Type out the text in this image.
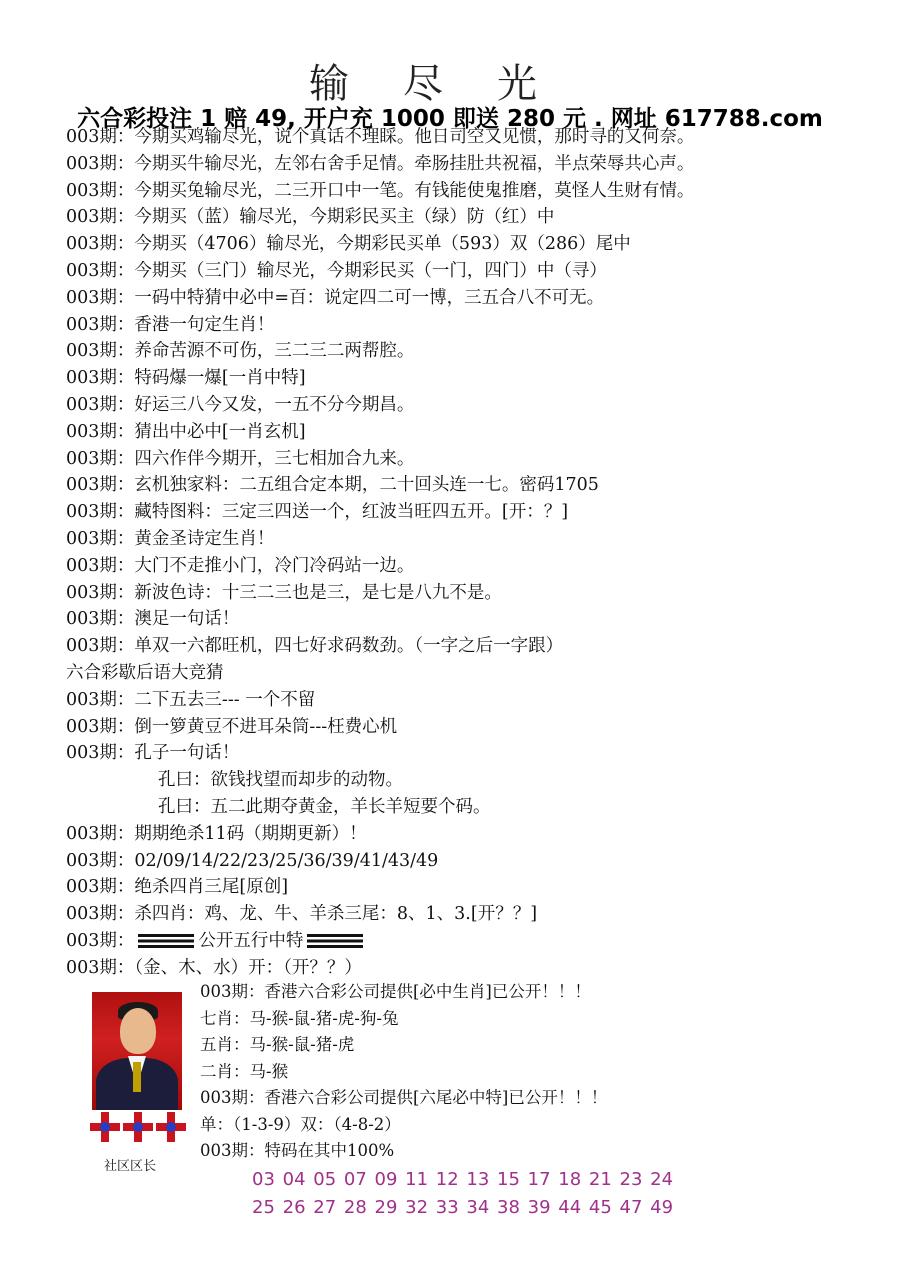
输尽光
六合彩投注 1 赔 49, 开户充 1000 即送 280 元 . 网址 617788.com
003期：今期买鸡输尽光，说个真话不理睬。他日司空又见惯，那时寻的又何奈。
003期：今期买牛输尽光，左邻右舍手足情。牵肠挂肚共祝福，半点荣辱共心声。
003期：今期买兔输尽光，二三开口中一笔。有钱能使鬼推磨，莫怪人生财有情。
003期：今期买（蓝）输尽光，今期彩民买主（绿）防（红）中
003期：今期买（4706）输尽光，今期彩民买单（593）双（286）尾中
003期：今期买（三门）输尽光，今期彩民买（一门，四门）中（寻）
003期：一码中特猜中必中=百：说定四二可一博，三五合八不可无。
003期：香港一句定生肖！
003期：养命苦源不可伤，三二三二两帮腔。
003期：特码爆一爆[一肖中特]
003期：好运三八今又发，一五不分今期昌。
003期：猜出中必中[一肖玄机]
003期：四六作伴今期开，三七相加合九来。
003期：玄机独家料：二五组合定本期，二十回头连一七。密码1705
003期：藏特图料：三定三四送一个，红波当旺四五开。[开：？]
003期：黄金圣诗定生肖！
003期：大门不走推小门，冷门冷码站一边。
003期：新波色诗：十三二三也是三，是七是八九不是。
003期：澳足一句话！
003期：单双一六都旺机，四七好求码数劲。（一字之后一字跟）
六合彩歇后语大竞猜
003期：二下五去三--- 一个不留
003期：倒一箩黄豆不进耳朵筒---枉费心机
003期：孔子一句话！
孔曰：欲钱找望而却步的动物。
孔曰：五二此期夺黄金，羊长羊短要个码。
003期：期期绝杀11码（期期更新）！
003期：02/09/14/22/23/25/36/39/41/43/49
003期：绝杀四肖三尾[原创]
003期：杀四肖：鸡、龙、牛、羊杀三尾：8、1、3.[开？？]
003期：	公开五行中特
003期：（金、木、水）开：（开？？）
社区区长
003期：香港六合彩公司提供[必中生肖]已公开！！！
七肖：马-猴-鼠-猪-虎-狗-兔
五肖：马-猴-鼠-猪-虎
二肖：马-猴
003期：香港六合彩公司提供[六尾必中特]已公开！！！
单：（1-3-9）双：（4-8-2）
003期：特码在其中100%
03 04 05 07 09 11 12 13 15 17 18 21 23 24
25 26 27 28 29 32 33 34 38 39 44 45 47 49
